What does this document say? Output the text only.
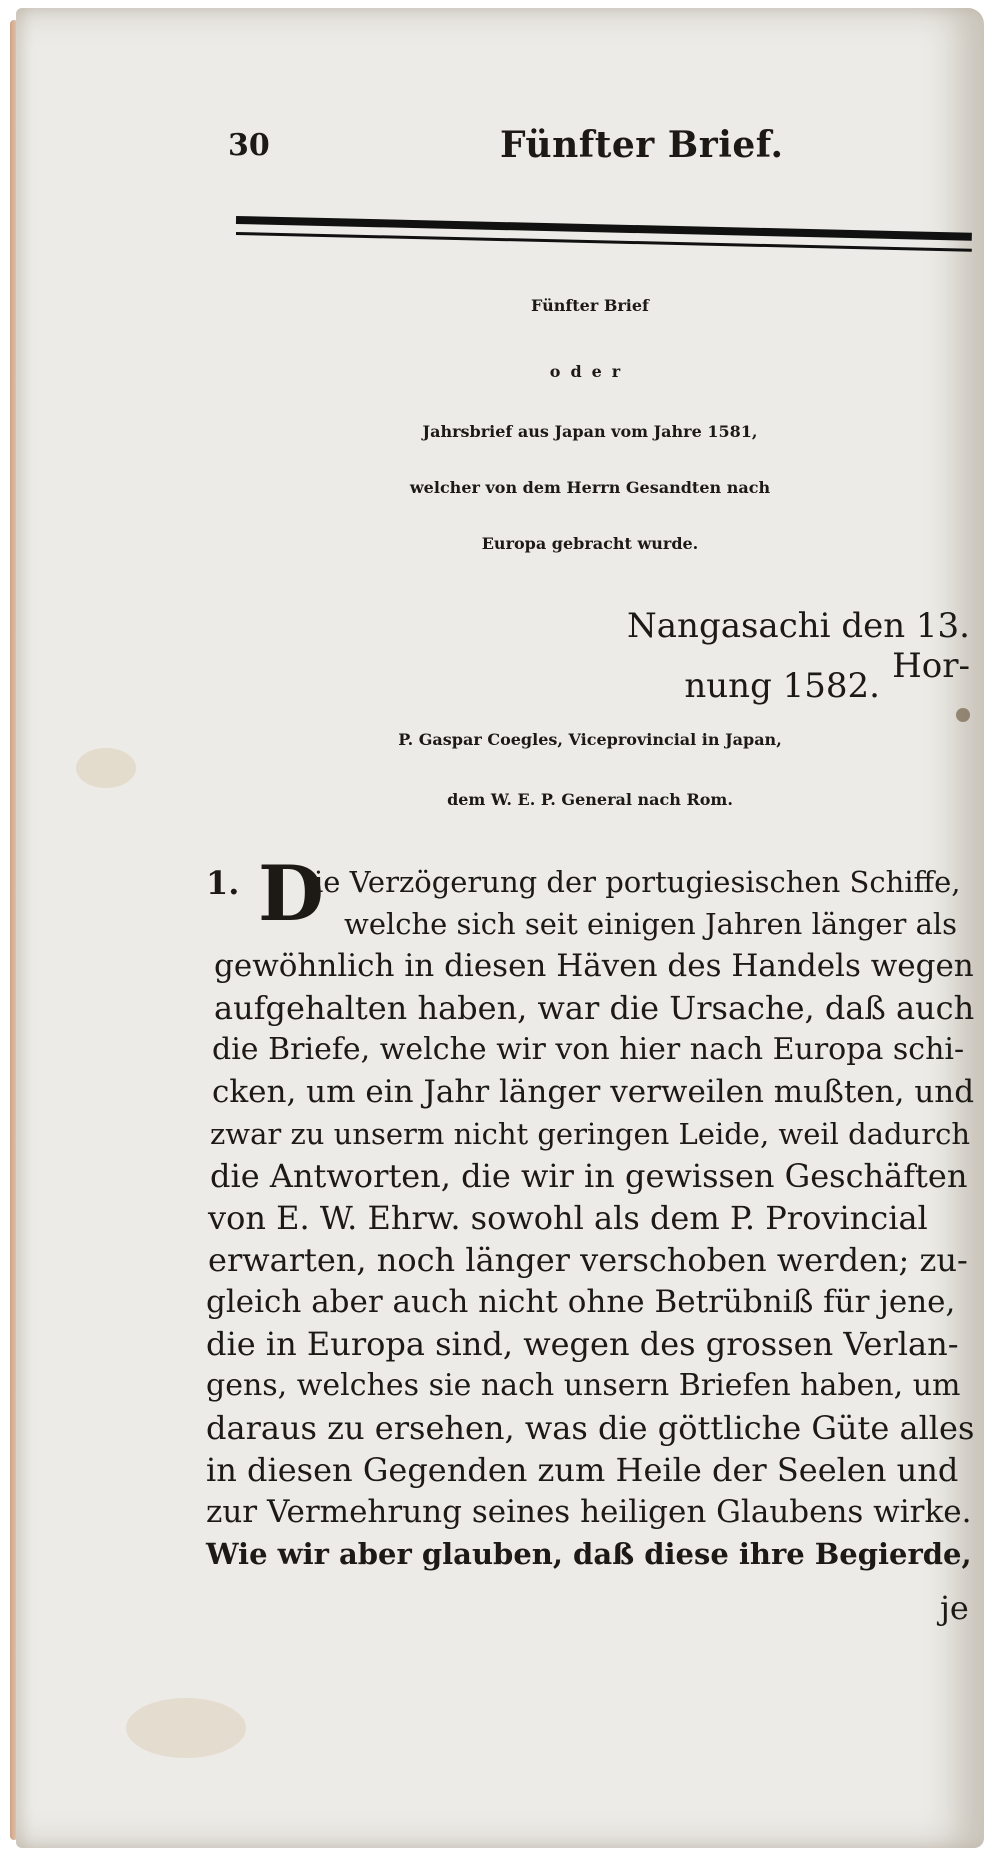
30	Fünfter Brief.
Fünfter Brief
oder
Jahrsbrief aus Japan vom Jahre 1581,
welcher von dem Herrn Gesandten nach
Europa gebracht wurde.
Nangasachi den 13. Hor-
nung 1582.
P. Gaspar Coegles, Viceprovincial in Japan,
dem W. E. P. General nach Rom.
1. D
ie Verzögerung der portugiesischen Schiffe,
welche sich seit einigen Jahren länger als
gewöhnlich in diesen Häven des Handels wegen
aufgehalten haben, war die Ursache, daß auch
die Briefe, welche wir von hier nach Europa schi-
cken, um ein Jahr länger verweilen mußten, und
zwar zu unserm nicht geringen Leide, weil dadurch
die Antworten, die wir in gewissen Geschäften
von E. W. Ehrw. sowohl als dem P. Provincial
erwarten, noch länger verschoben werden; zu-
gleich aber auch nicht ohne Betrübniß für jene,
die in Europa sind, wegen des grossen Verlan-
gens, welches sie nach unsern Briefen haben, um
daraus zu ersehen, was die göttliche Güte alles
in diesen Gegenden zum Heile der Seelen und
zur Vermehrung seines heiligen Glaubens wirke.
Wie wir aber glauben, daß diese ihre Begierde,
je
